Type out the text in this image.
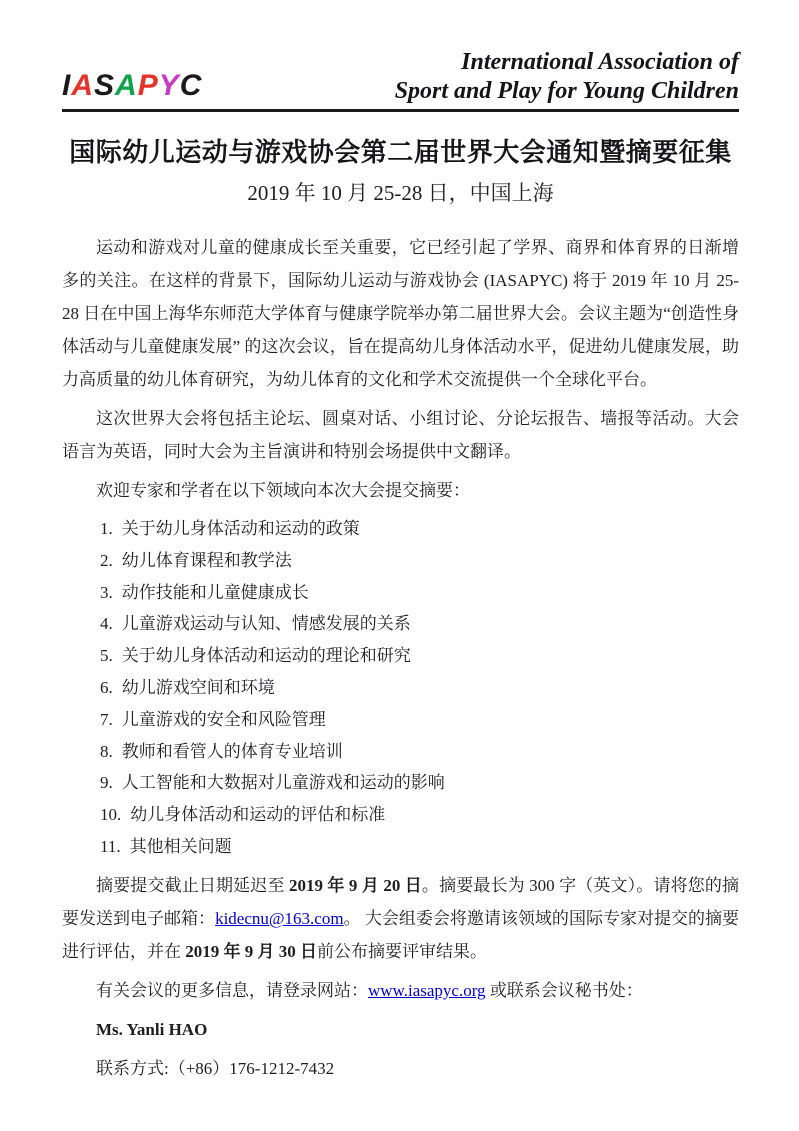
IASAPYC
International Association of
Sport and Play for Young Children
国际幼儿运动与游戏协会第二届世界大会通知暨摘要征集
2019 年 10 月 25-28 日，中国上海

运动和游戏对儿童的健康成长至关重要，它已经引起了学界、商界和体育界的日渐增多的关注。在这样的背景下，国际幼儿运动与游戏协会 (IASAPYC) 将于 2019 年 10 月 25-28 日在中国上海华东师范大学体育与健康学院举办第二届世界大会。会议主题为“创造性身体活动与儿童健康发展” 的这次会议，旨在提高幼儿身体活动水平，促进幼儿健康发展，助力高质量的幼儿体育研究，为幼儿体育的文化和学术交流提供一个全球化平台。

这次世界大会将包括主论坛、圆桌对话、小组讨论、分论坛报告、墙报等活动。大会语言为英语，同时大会为主旨演讲和特别会场提供中文翻译。

欢迎专家和学者在以下领域向本次大会提交摘要：

1. 关于幼儿身体活动和运动的政策
2. 幼儿体育课程和教学法
3. 动作技能和儿童健康成长
4. 儿童游戏运动与认知、情感发展的关系
5. 关于幼儿身体活动和运动的理论和研究
6. 幼儿游戏空间和环境
7. 儿童游戏的安全和风险管理
8. 教师和看管人的体育专业培训
9. 人工智能和大数据对儿童游戏和运动的影响
10. 幼儿身体活动和运动的评估和标准
11. 其他相关问题

摘要提交截止日期延迟至 2019 年 9 月 20 日。摘要最长为 300 字（英文）。请将您的摘要发送到电子邮箱：kidecnu@163.com。 大会组委会将邀请该领域的国际专家对提交的摘要进行评估，并在 2019 年 9 月 30 日前公布摘要评审结果。

有关会议的更多信息，请登录网站：www.iasapyc.org 或联系会议秘书处：

Ms. Yanli HAO

联系方式:（+86）176-1212-7432
